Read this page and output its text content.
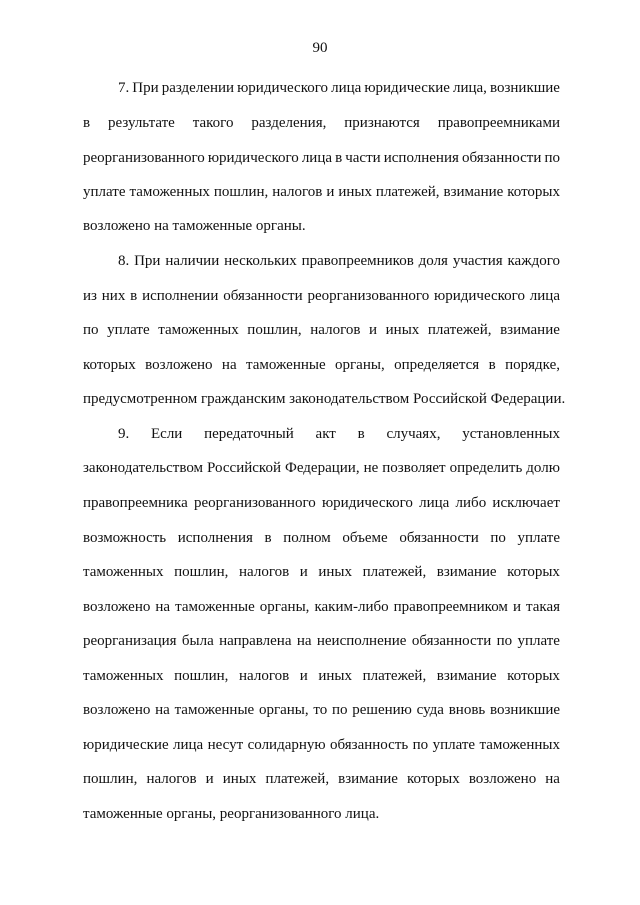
90
7. При разделении юридического лица юридические лица, возникшие
в результате такого разделения, признаются правопреемниками
реорганизованного юридического лица в части исполнения обязанности по
уплате таможенных пошлин, налогов и иных платежей, взимание которых
возложено на таможенные органы.
8. При наличии нескольких правопреемников доля участия каждого
из них в исполнении обязанности реорганизованного юридического лица
по уплате таможенных пошлин, налогов и иных платежей, взимание
которых возложено на таможенные органы, определяется в порядке,
предусмотренном гражданским законодательством Российской Федерации.
9. Если передаточный акт в случаях, установленных
законодательством Российской Федерации, не позволяет определить долю
правопреемника реорганизованного юридического лица либо исключает
возможность исполнения в полном объеме обязанности по уплате
таможенных пошлин, налогов и иных платежей, взимание которых
возложено на таможенные органы, каким-либо правопреемником и такая
реорганизация была направлена на неисполнение обязанности по уплате
таможенных пошлин, налогов и иных платежей, взимание которых
возложено на таможенные органы, то по решению суда вновь возникшие
юридические лица несут солидарную обязанность по уплате таможенных
пошлин, налогов и иных платежей, взимание которых возложено на
таможенные органы, реорганизованного лица.
